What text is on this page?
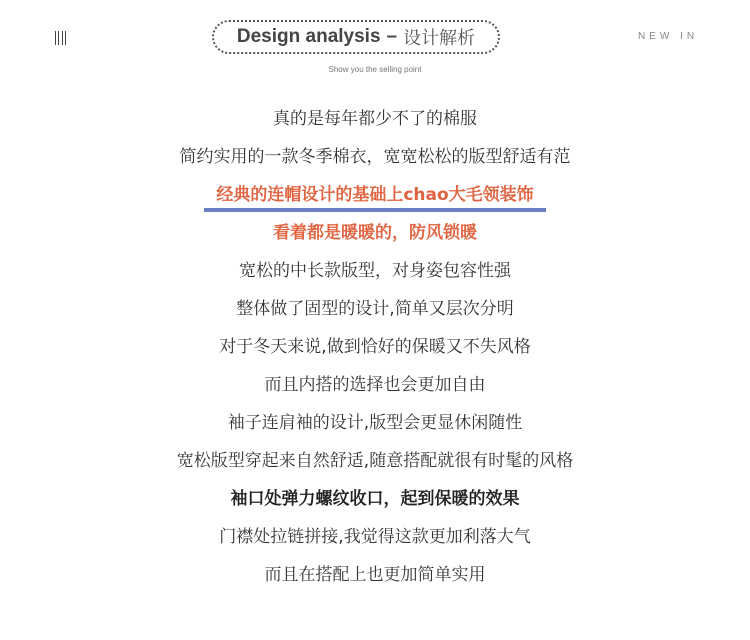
Design analysis – 设计解析
Show you the selling point
NEW IN
真的是每年都少不了的棉服
简约实用的一款冬季棉衣，宽宽松松的版型舒适有范
经典的连帽设计的基础上chao大毛领装饰
看着都是暖暖的，防风锁暖
宽松的中长款版型，对身姿包容性强
整体做了固型的设计,简单又层次分明
对于冬天来说,做到恰好的保暖又不失风格
而且内搭的选择也会更加自由
袖子连肩袖的设计,版型会更显休闲随性
宽松版型穿起来自然舒适,随意搭配就很有时髦的风格
袖口处弹力螺纹收口，起到保暖的效果
门襟处拉链拼接,我觉得这款更加利落大气
而且在搭配上也更加简单实用
